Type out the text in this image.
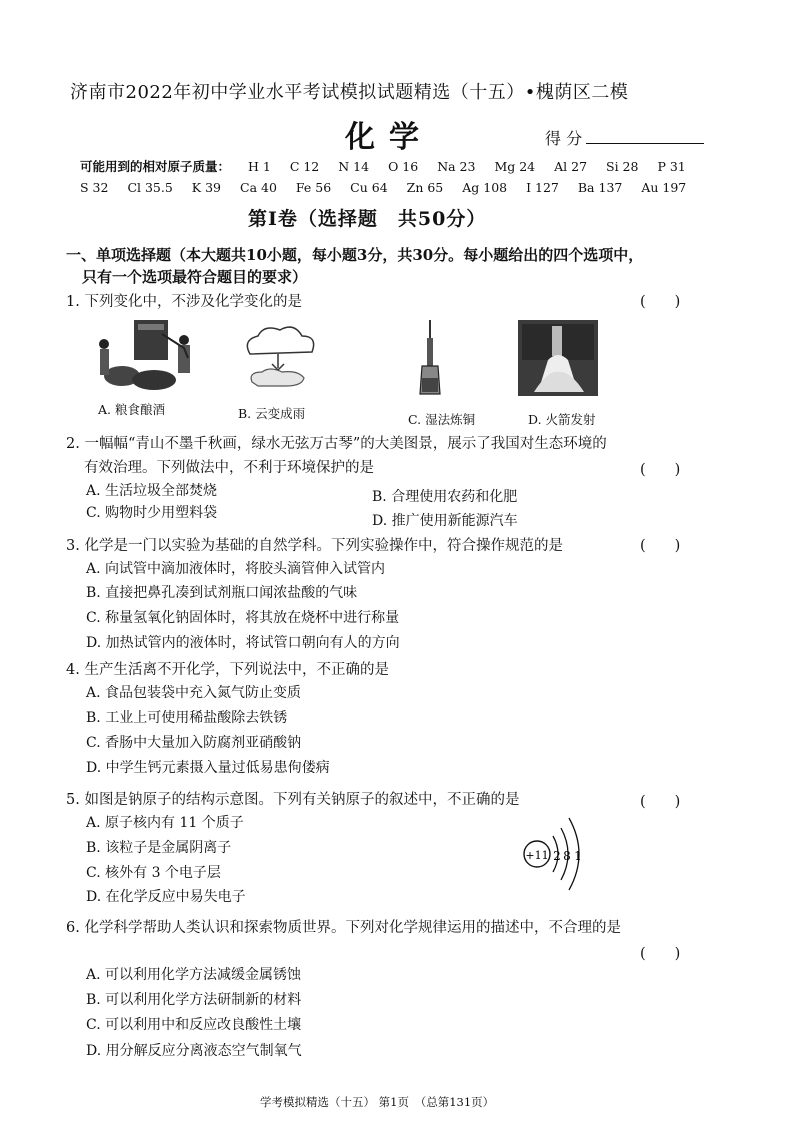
济南市2022年初中学业水平考试模拟试题精选（十五）•槐荫区二模
化学	得 分
可能用到的相对原子质量： H 1 C 12 N 14 O 16 Na 23 Mg 24 Al 27 Si 28 P 31
S 32 Cl 35.5 K 39 Ca 40 Fe 56 Cu 64 Zn 65 Ag 108 I 127 Ba 137 Au 197
第Ⅰ卷（选择题　共50分）
一、单项选择题（本大题共10小题，每小题3分，共30分。每小题给出的四个选项中，
只有一个选项最符合题目的要求）
1. 下列变化中，不涉及化学变化的是	(　　)
A. 粮食酿酒	B. 云变成雨	C. 湿法炼铜	D. 火箭发射
2. 一幅幅“青山不墨千秋画，绿水无弦万古琴”的大美图景，展示了我国对生态环境的
有效治理。下列做法中，不利于环境保护的是	(　　)
A. 生活垃圾全部焚烧	B. 合理使用农药和化肥
C. 购物时少用塑料袋	D. 推广使用新能源汽车
3. 化学是一门以实验为基础的自然学科。下列实验操作中，符合操作规范的是	(　　)
A. 向试管中滴加液体时，将胶头滴管伸入试管内
B. 直接把鼻孔凑到试剂瓶口闻浓盐酸的气味
C. 称量氢氧化钠固体时，将其放在烧杯中进行称量
D. 加热试管内的液体时，将试管口朝向有人的方向
4. 生产生活离不开化学，下列说法中，不正确的是
A. 食品包装袋中充入氮气防止变质
B. 工业上可使用稀盐酸除去铁锈
C. 香肠中大量加入防腐剂亚硝酸钠
D. 中学生钙元素摄入量过低易患佝偻病
5. 如图是钠原子的结构示意图。下列有关钠原子的叙述中，不正确的是	(　　)
A. 原子核内有 11 个质子
B. 该粒子是金属阴离子
C. 核外有 3 个电子层
D. 在化学反应中易失电子
+11 2 8 1
6. 化学科学帮助人类认识和探索物质世界。下列对化学规律运用的描述中，不合理的是
(　　)
A. 可以利用化学方法减缓金属锈蚀
B. 可以利用化学方法研制新的材料
C. 可以利用中和反应改良酸性土壤
D. 用分解反应分离液态空气制氧气
学考模拟精选（十五） 第1页　（总第131页）
